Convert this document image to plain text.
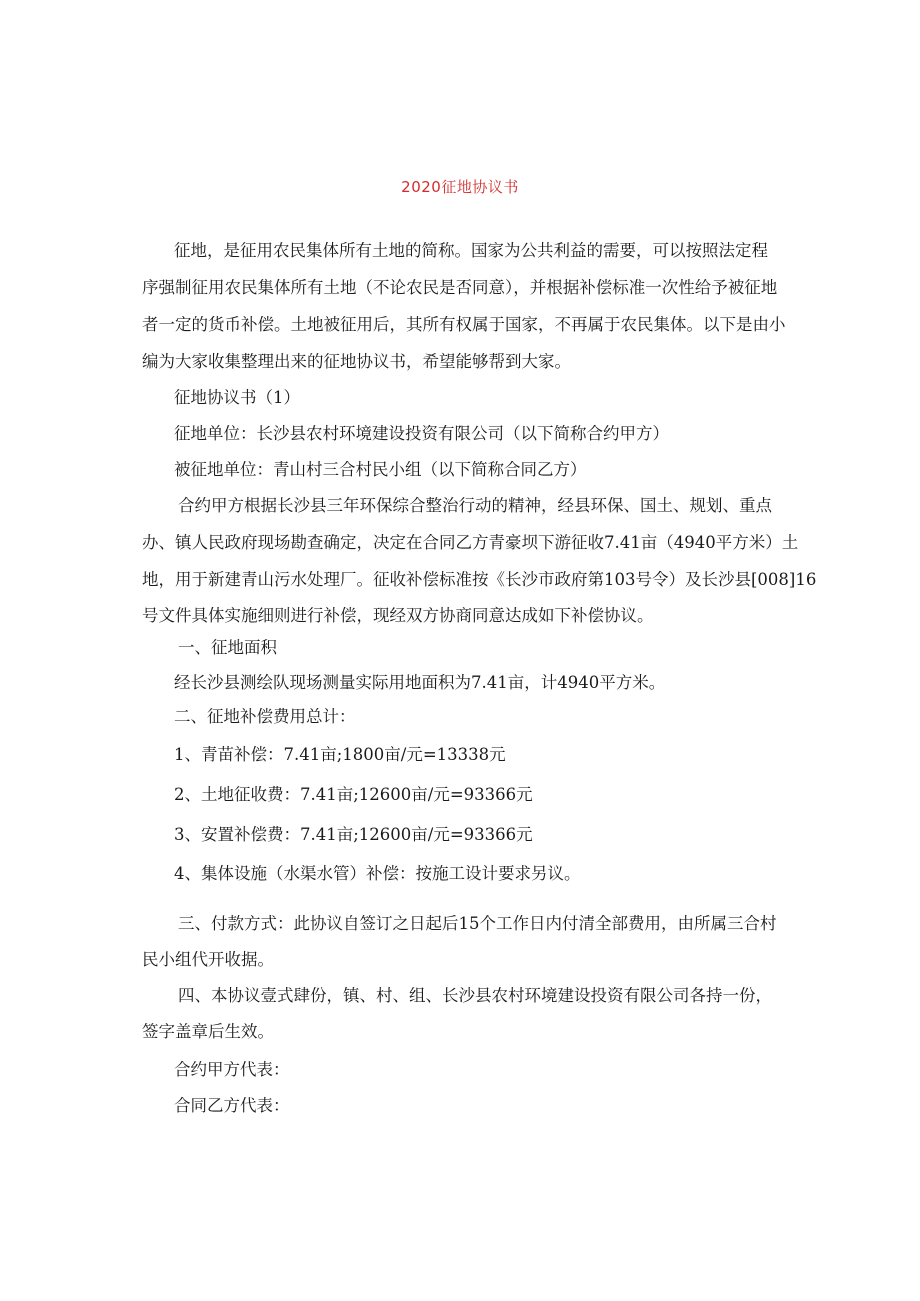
2020征地协议书
征地，是征用农民集体所有土地的简称。国家为公共利益的需要，可以按照法定程
序强制征用农民集体所有土地（不论农民是否同意），并根据补偿标准一次性给予被征地
者一定的货币补偿。土地被征用后，其所有权属于国家，不再属于农民集体。以下是由小
编为大家收集整理出来的征地协议书，希望能够帮到大家。
征地协议书（1）
征地单位：长沙县农村环境建设投资有限公司（以下简称合约甲方）
被征地单位：青山村三合村民小组（以下简称合同乙方）
合约甲方根据长沙县三年环保综合整治行动的精神，经县环保、国土、规划、重点
办、镇人民政府现场勘查确定，决定在合同乙方青豪坝下游征收7.41亩（4940平方米）土
地，用于新建青山污水处理厂。征收补偿标准按《长沙市政府第103号令）及长沙县[008]16
号文件具体实施细则进行补偿，现经双方协商同意达成如下补偿协议。
一、征地面积
经长沙县测绘队现场测量实际用地面积为7.41亩，计4940平方米。
二、征地补偿费用总计：
1、青苗补偿：7.41亩;1800亩/元=13338元
2、土地征收费：7.41亩;12600亩/元=93366元
3、安置补偿费：7.41亩;12600亩/元=93366元
4、集体设施（水渠水管）补偿：按施工设计要求另议。
三、付款方式：此协议自签订之日起后15个工作日内付清全部费用，由所属三合村
民小组代开收据。
四、本协议壹式肆份，镇、村、组、长沙县农村环境建设投资有限公司各持一份，
签字盖章后生效。
合约甲方代表：
合同乙方代表：
